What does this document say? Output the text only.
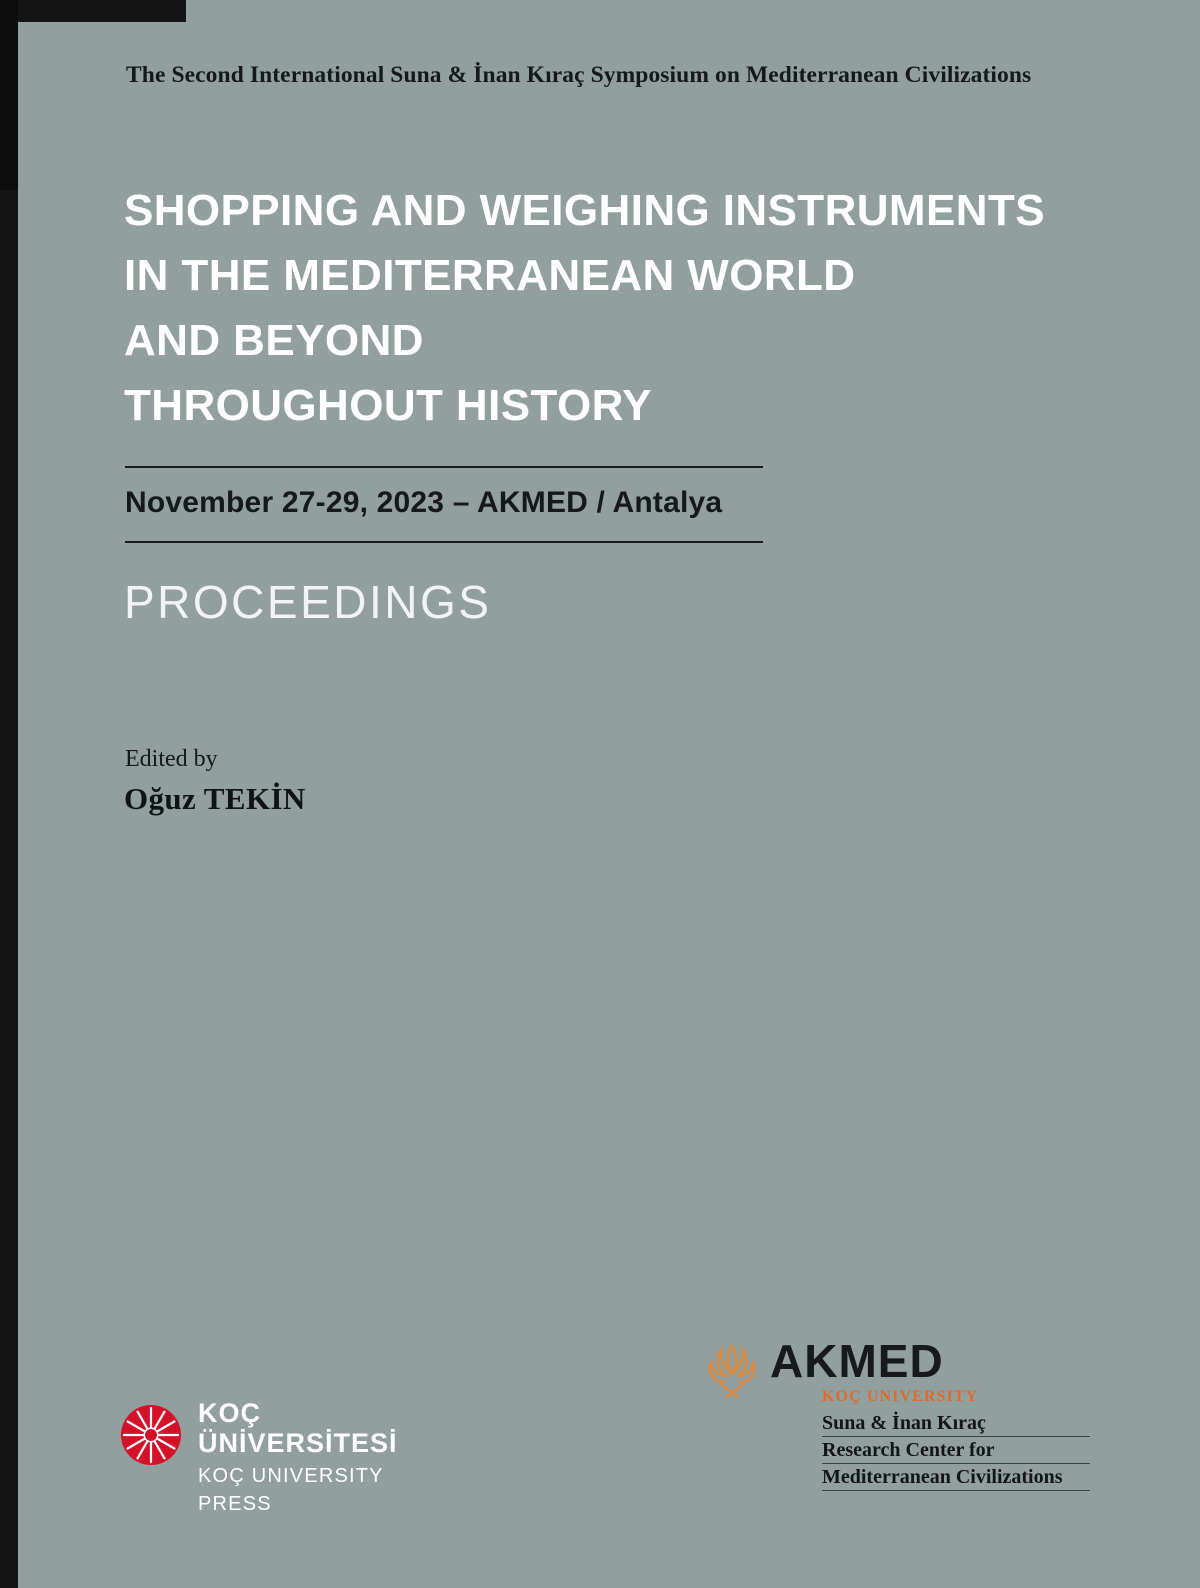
The Second International Suna & İnan Kıraç Symposium on Mediterranean Civilizations
SHOPPING AND WEIGHING INSTRUMENTS
IN THE MEDITERRANEAN WORLD
AND BEYOND
THROUGHOUT HISTORY
November 27-29, 2023 – AKMED / Antalya
PROCEEDINGS
Edited by
Oğuz TEKİN
KOÇ
ÜNİVERSİTESİ
KOÇ UNIVERSITY PRESS
AKMED
KOÇ UNIVERSITY
Suna & İnan Kıraç
Research Center for
Mediterranean Civilizations
